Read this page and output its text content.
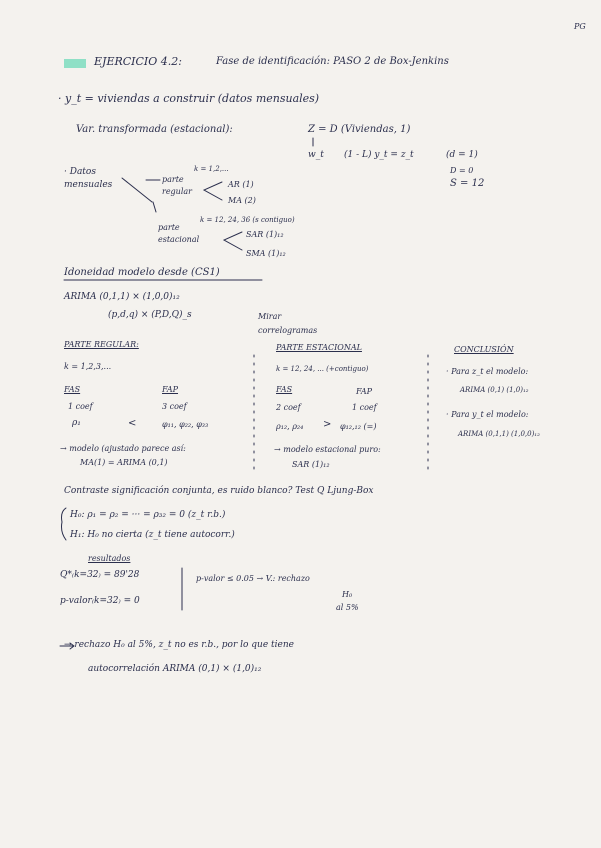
PG
EJERCICIO 4.2:	Fase de identificación: PASO 2 de Box-Jenkins
· y_t = viviendas a construir (datos mensuales)
Var. transformada (estacional):	Z = D (Viviendas, 1)
w_t (1 - L) y_t = z_t	(d = 1)
D = 0
S = 12
· Datos mensuales
parte regular
k = 1,2,...
AR (1)
MA (2)
parte estacional
k = 12, 24, 36 (s contiguo)
SAR (1)₁₂
SMA (1)₁₂
Idoneidad modelo desde (CS1)
ARIMA (0,1,1) × (1,0,0)₁₂
(p,d,q) × (P,D,Q)_s	Mirar correlogramas
PARTE REGULAR:
k = 1,2,3,...
FAS	FAP
1 coef	3 coef
ρ₁	<	φ₁₁, φ₂₂, φ₃₃
→ modelo (ajustado parece así:
MA(1) = ARIMA (0,1)
PARTE ESTACIONAL
k = 12, 24, ... (+contiguo)
FAS	FAP
2 coef	1 coef
ρ₁₂, ρ₂₄ > φ₁₂,₁₂ (=)
→ modelo estacional puro:
SAR (1)₁₂
CONCLUSIÓN
· Para z_t el modelo:
ARIMA (0,1) (1,0)₁₂
· Para y_t el modelo:
ARIMA (0,1,1) (1,0,0)₁₂
Contraste significación conjunta, es ruido blanco? Test Q Ljung-Box
H₀: ρ₁ = ρ₂ = ··· = ρ₃₂ = 0 (z_t r.b.)
H₁: H₀ no cierta (z_t tiene autocorr.)
resultados
Q*₍k=32₎ = 89'28
p-valor₍k=32₎ = 0
p-valor ≤ 0.05 → V.: rechazo
H₀
al 5%
→ rechazo H₀ al 5%, z_t no es r.b., por lo que tiene
autocorrelación ARIMA (0,1) × (1,0)₁₂
